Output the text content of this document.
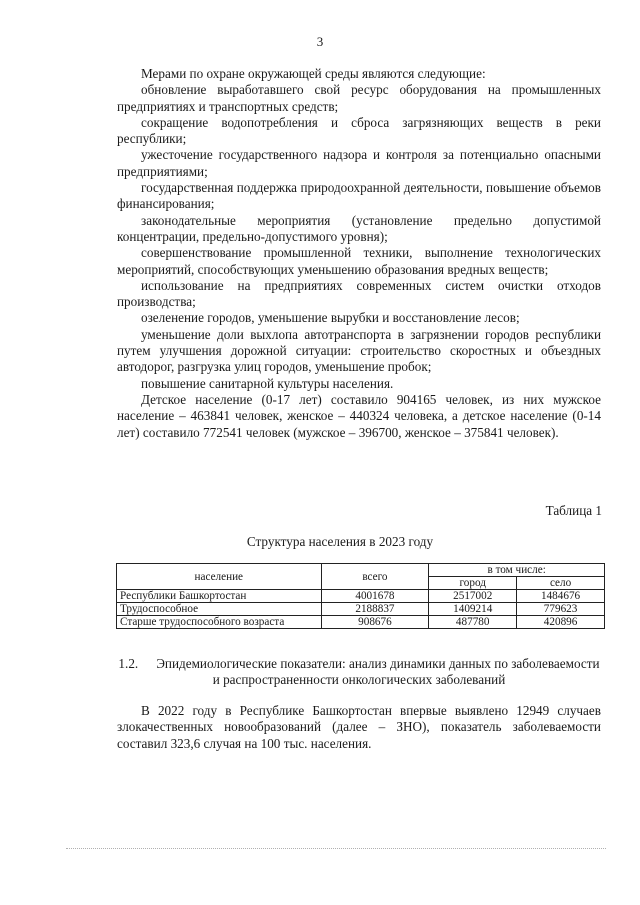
3

Мерами по охране окружающей среды являются следующие:

обновление выработавшего свой ресурс оборудования на промышленных предприятиях и транспортных средств;

сокращение водопотребления и сброса загрязняющих веществ в реки республики;

ужесточение государственного надзора и контроля за потенциально опасными предприятиями;

государственная поддержка природоохранной деятельности, повышение объемов финансирования;

законодательные мероприятия (установление предельно допустимой концентрации, предельно-допустимого уровня);

совершенствование промышленной техники, выполнение технологических мероприятий, способствующих уменьшению образования вредных веществ;

использование на предприятиях современных систем очистки отходов производства;

озеленение городов, уменьшение вырубки и восстановление лесов;

уменьшение доли выхлопа автотранспорта в загрязнении городов республики путем улучшения дорожной ситуации: строительство скоростных и объездных автодорог, разгрузка улиц городов, уменьшение пробок;

повышение санитарной культуры населения.

Детское население (0-17 лет) составило 904165 человек, из них мужское население – 463841 человек, женское – 440324 человека, а детское население (0-14 лет) составило 772541 человек (мужское – 396700, женское – 375841 человек).

Таблица 1
Структура населения в 2023 году
население	всего	в том числе:	
		город	село
Республики Башкортостан	4001678	2517002	1484676
Трудоспособное	2188837	1409214	779623
Старше трудоспособного возраста	908676	487780	420896
1.2. Эпидемиологические показатели: анализ динамики данных по заболеваемости и распространенности онкологических заболеваний

В 2022 году в Республике Башкортостан впервые выявлено 12949 случаев злокачественных новообразований (далее – ЗНО), показатель заболеваемости составил 323,6 случая на 100 тыс. населения.
